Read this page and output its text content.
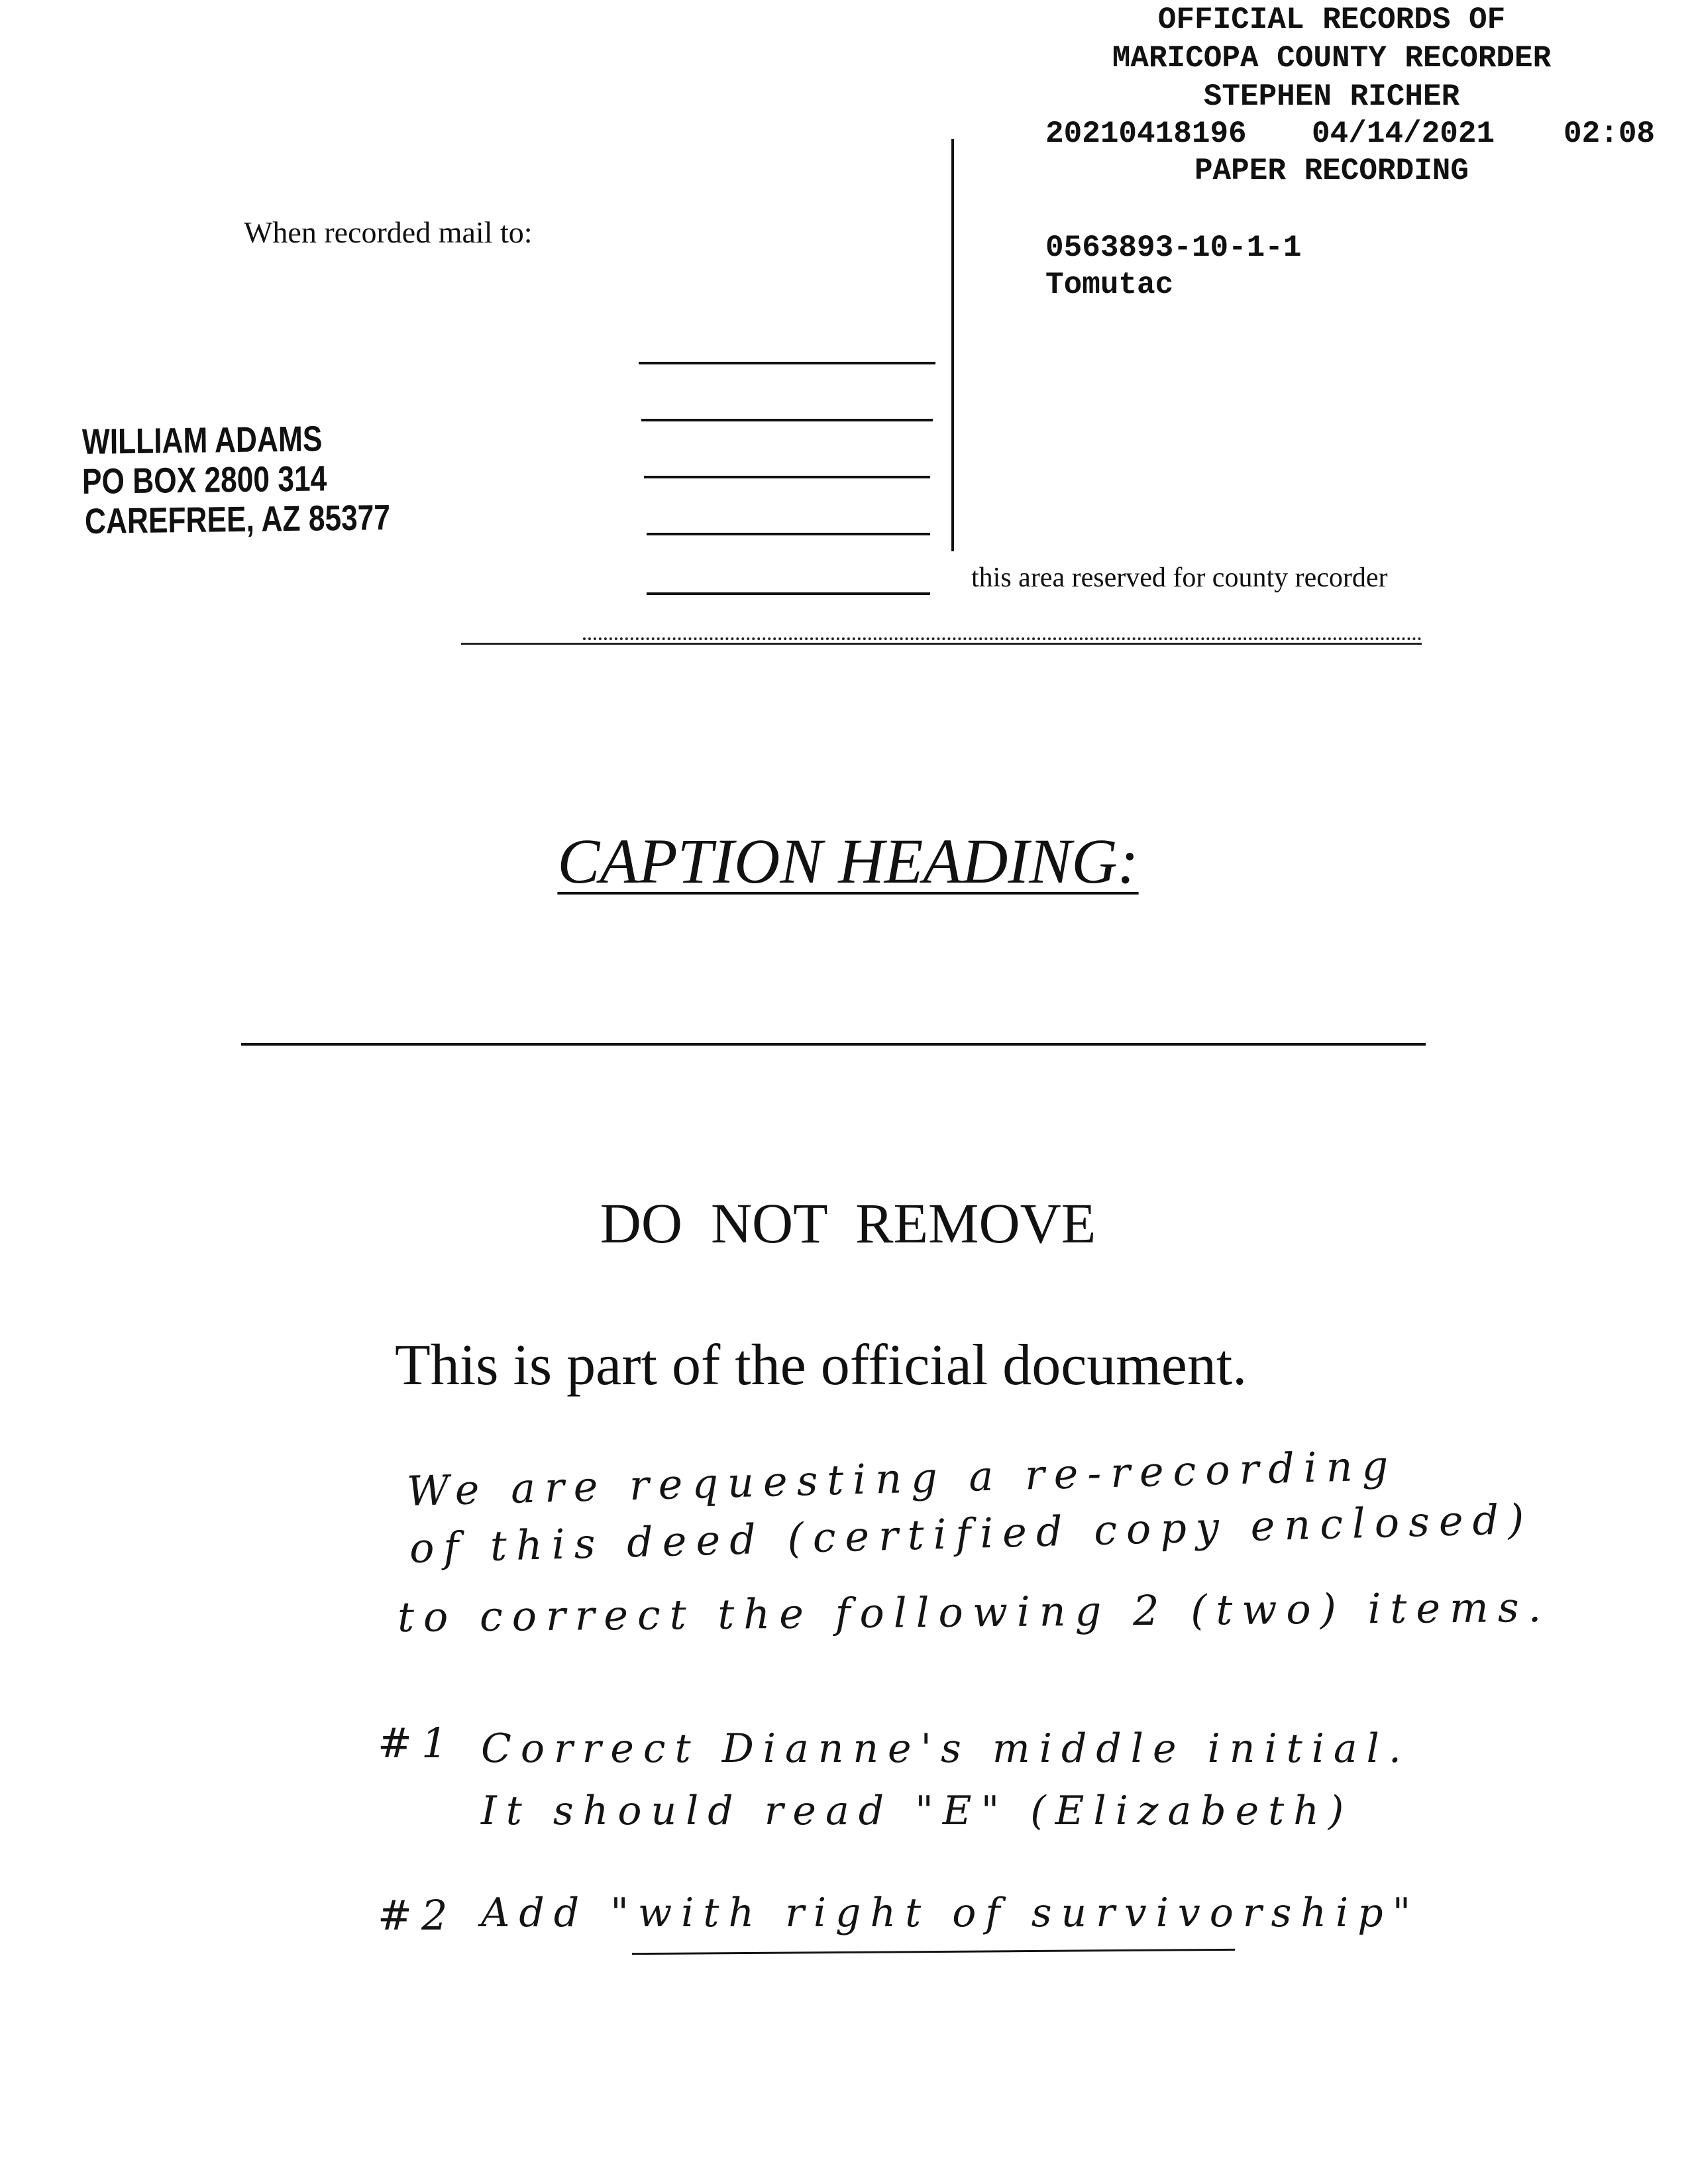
OFFICIAL RECORDS OF
MARICOPA COUNTY RECORDER
STEPHEN RICHER
20210418196 04/14/2021 02:08
PAPER RECORDING
0563893-10-1-1
Tomutac
When recorded mail to:
WILLIAM ADAMS
PO BOX 2800 314
CAREFREE, AZ 85377
this area reserved for county recorder
CAPTION HEADING:
DO  NOT  REMOVE
This is part of the official document.
We are requesting a re-recording
of this deed (certified copy enclosed)
to correct the following 2 (two) items.
#1 Correct Dianne's middle initial.
It should read "E" (Elizabeth)
#2 Add "with right of survivorship"
